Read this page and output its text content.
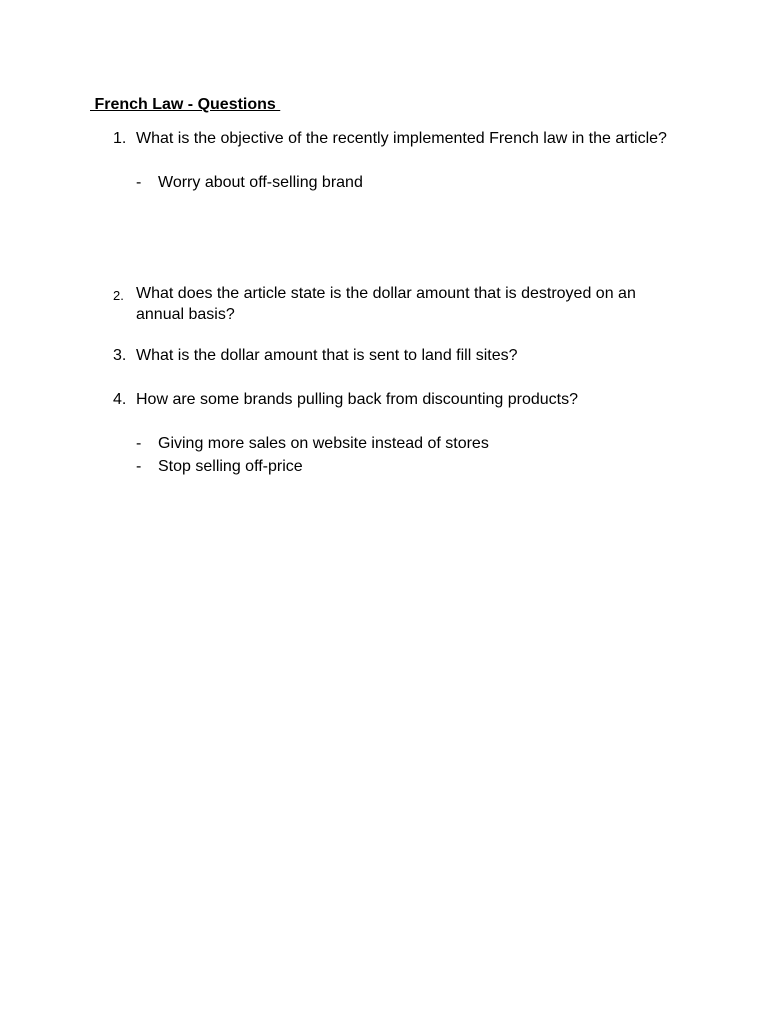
French Law - Questions
1. What is the objective of the recently implemented French law in the article?
- Worry about off-selling brand
2. What does the article state is the dollar amount that is destroyed on an annual basis?
3. What is the dollar amount that is sent to land fill sites?
4. How are some brands pulling back from discounting products?
- Giving more sales on website instead of stores
- Stop selling off-price
